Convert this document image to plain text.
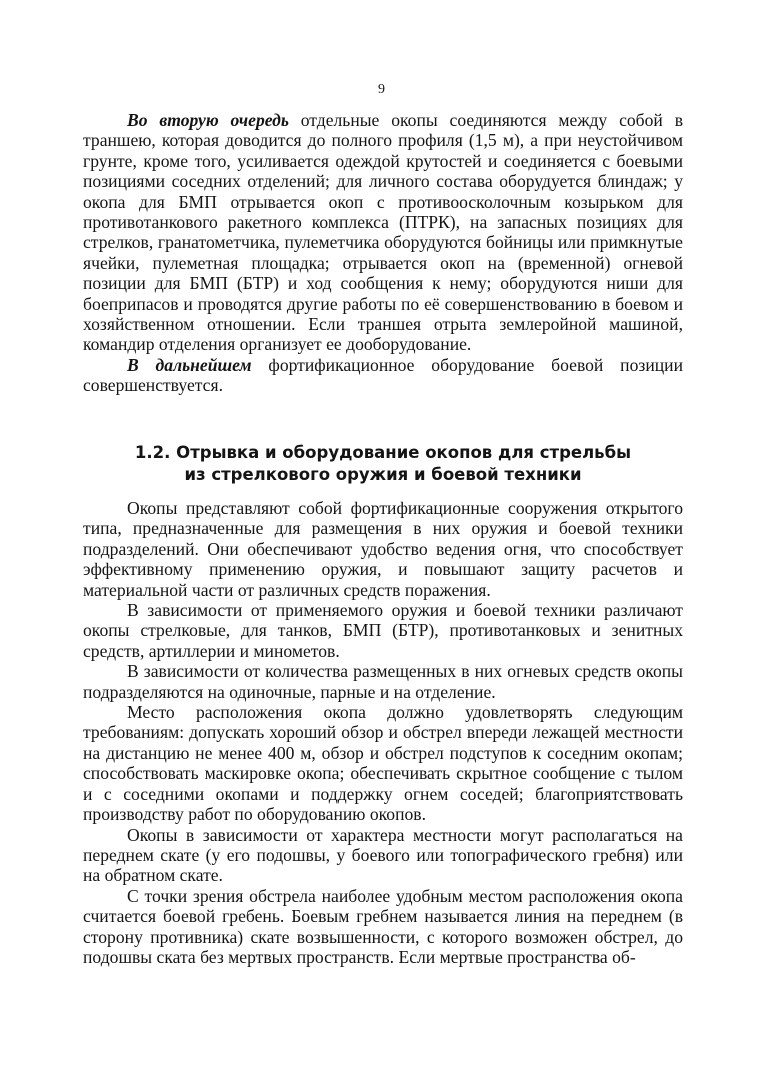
9

Во вторую очередь отдельные окопы соединяются между собой в траншею, которая доводится до полного профиля (1,5 м), а при неустойчивом грунте, кроме того, усиливается одеждой крутостей и соединяется с боевыми позициями соседних отделений; для личного состава оборудуется блиндаж; у окопа для БМП отрывается окоп с противоосколочным козырьком для противотанкового ракетного комплекса (ПТРК), на запасных позициях для стрелков, гранатометчика, пулеметчика оборудуются бойницы или примкнутые ячейки, пулеметная площадка; отрывается окоп на (временной) огневой позиции для БМП (БТР) и ход сообщения к нему; оборудуются ниши для боеприпасов и проводятся другие работы по её совершенствованию в боевом и хозяйственном отношении. Если траншея отрыта землеройной машиной, командир отделения организует ее дооборудование.

В дальнейшем фортификационное оборудование боевой позиции совершенствуется.

1.2. Отрывка и оборудование окопов для стрельбы
из стрелкового оружия и боевой техники

Окопы представляют собой фортификационные сооружения открытого типа, предназначенные для размещения в них оружия и боевой техники подразделений. Они обеспечивают удобство ведения огня, что способствует эффективному применению оружия, и повышают защиту расчетов и материальной части от различных средств поражения.

В зависимости от применяемого оружия и боевой техники различают окопы стрелковые, для танков, БМП (БТР), противотанковых и зенитных средств, артиллерии и минометов.

В зависимости от количества размещенных в них огневых средств окопы подразделяются на одиночные, парные и на отделение.

Место расположения окопа должно удовлетворять следующим требованиям: допускать хороший обзор и обстрел впереди лежащей местности на дистанцию не менее 400 м, обзор и обстрел подступов к соседним окопам; способствовать маскировке окопа; обеспечивать скрытное сообщение с тылом и с соседними окопами и поддержку огнем соседей; благоприятствовать производству работ по оборудованию окопов.

Окопы в зависимости от характера местности могут располагаться на переднем скате (у его подошвы, у боевого или топографического гребня) или на обратном скате.

С точки зрения обстрела наиболее удобным местом расположения окопа считается боевой гребень. Боевым гребнем называется линия на переднем (в сторону противника) скате возвышенности, с которого возможен обстрел, до подошвы ската без мертвых пространств. Если мертвые пространства об-
